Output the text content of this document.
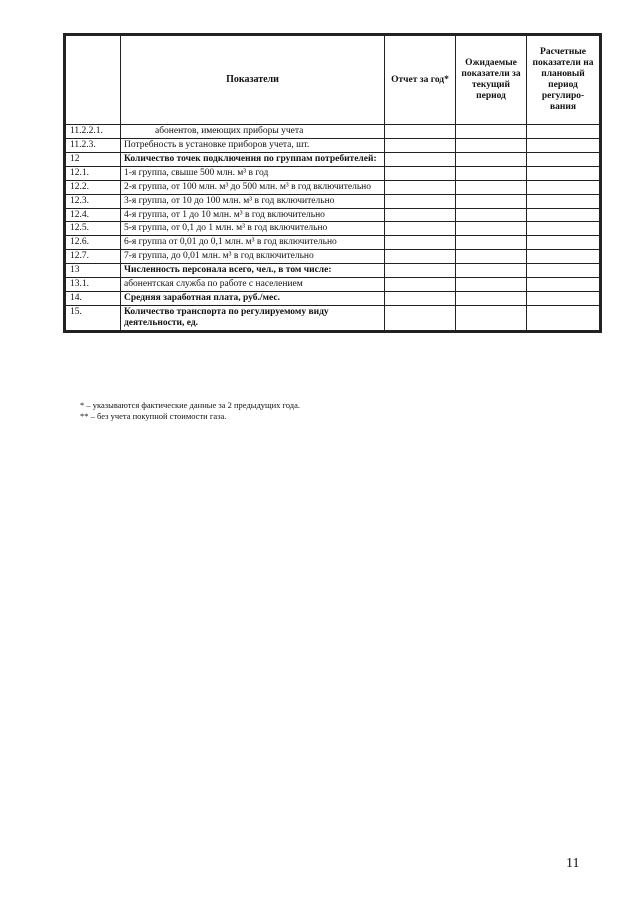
	Показатели	Отчет за год*	Ожидаемые показатели за текущий период	Расчетные показатели на плановый период регулиро-вания
11.2.2.1.	абонентов, имеющих приборы учета			
11.2.3.	Потребность в установке приборов учета, шт.			
12	Количество точек подключения по группам потребителей:			
12.1.	1-я группа, свыше 500 млн. м³ в год			
12.2.	2-я группа, от 100 млн. м³ до 500 млн. м³ в год включительно			
12.3.	3-я группа, от 10 до 100 млн. м³ в год включительно			
12.4.	4-я группа, от 1 до 10 млн. м³ в год включительно			
12.5.	5-я группа, от 0,1 до 1 млн. м³ в год включительно			
12.6.	6-я группа от 0,01 до 0,1 млн. м³ в год включительно			
12.7.	7-я группа, до 0,01 млн. м³ в год включительно			
13	Численность персонала всего, чел., в том числе:			
13.1.	абонентская служба по работе с населением			
14.	Средняя заработная плата, руб./мес.			
15.	Количество транспорта по регулируемому виду деятельности, ед.			
* – указываются фактические данные за 2 предыдущих года.
** – без учета покупной стоимости газа.
11
